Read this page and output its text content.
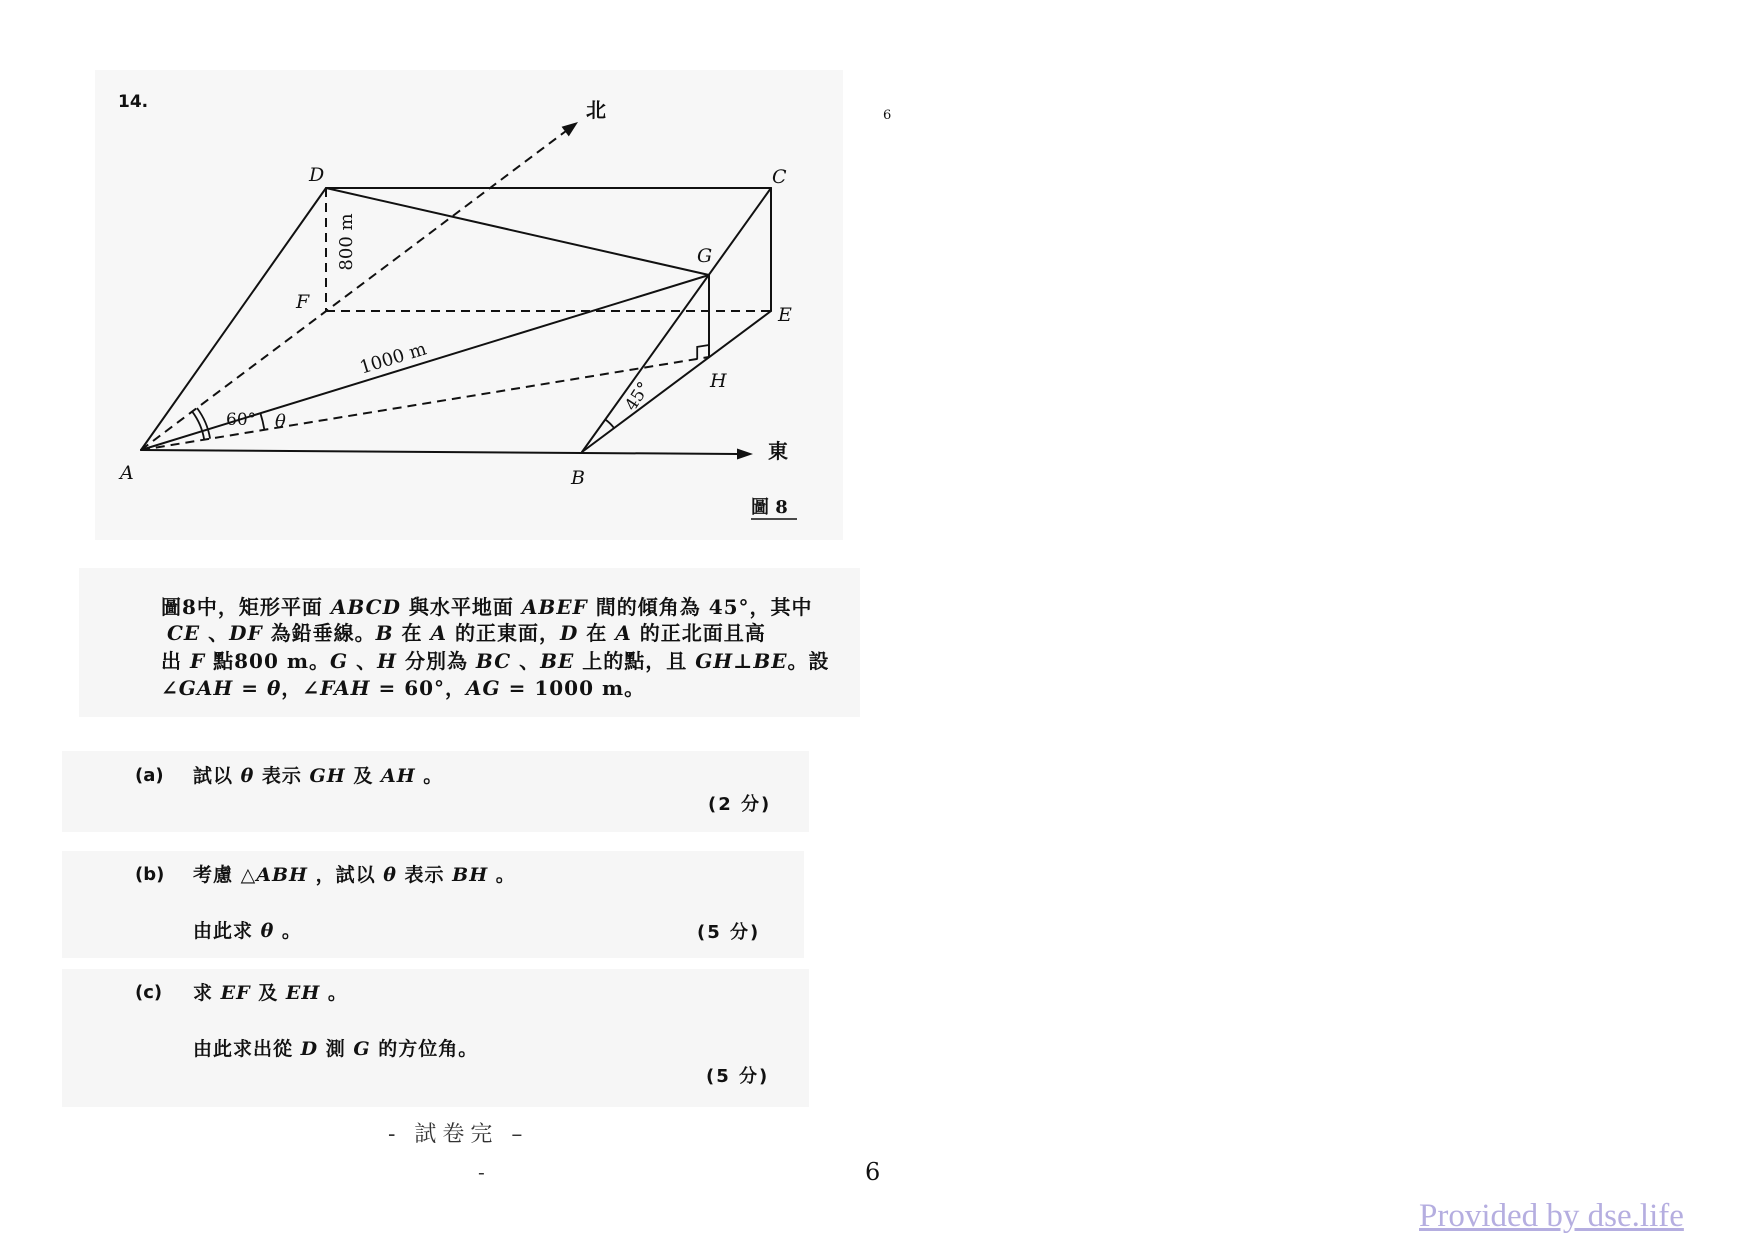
北
東
D	C
G
F
E
H
A	B
800 m
1000 m
60° θ
45°
圖 8
14.
6
圖8中，矩形平面 ABCD 與水平地面 ABEF 間的傾角為 45°，其中
CE 、DF 為鉛垂線。B 在 A 的正東面，D 在 A 的正北面且高
出 F 點800 m。G 、H 分別為 BC 、BE 上的點，且 GH⊥BE。設
∠GAH = θ，∠FAH = 60°，AG = 1000 m。
(a) 試以 θ 表示 GH 及 AH 。
(2 分)
(b) 考慮 △ABH ，試以 θ 表示 BH 。
由此求 θ 。	(5 分)
(c) 求 EF 及 EH 。
由此求出從 D 測 G 的方位角。
(5 分)
- 試卷完 –
-	6
Provided by dse.life
